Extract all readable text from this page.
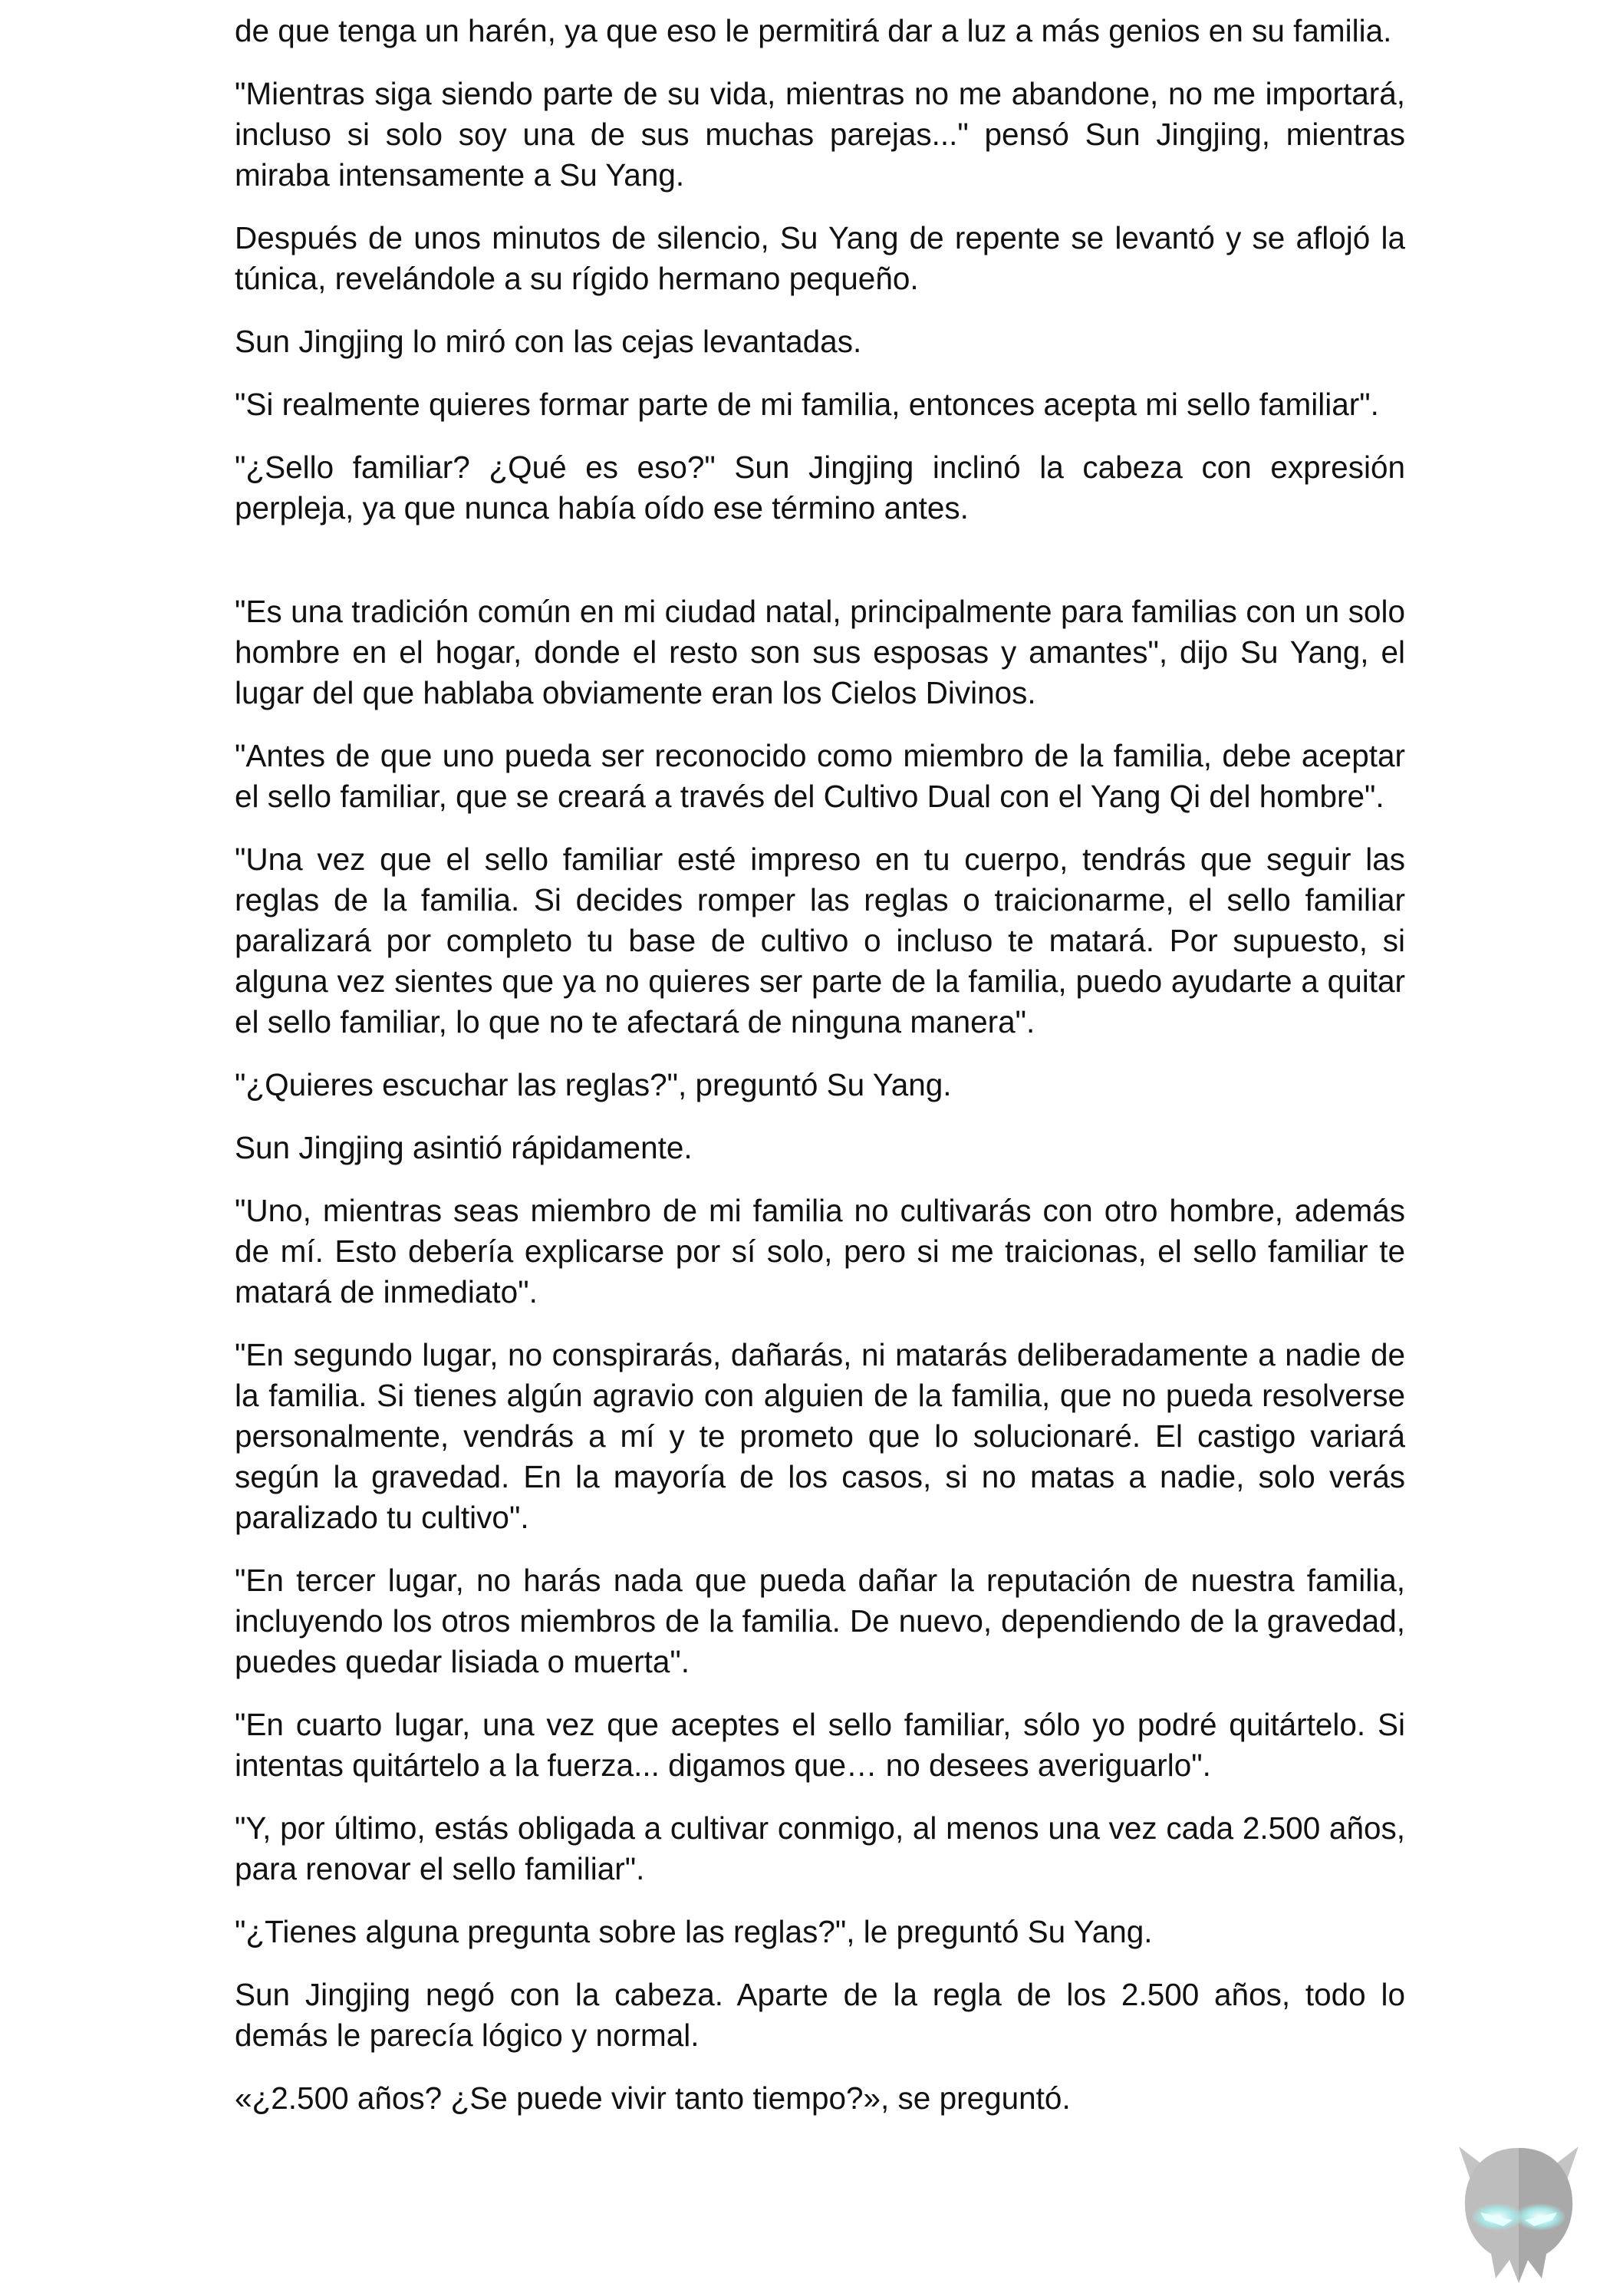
de que tenga un harén, ya que eso le permitirá dar a luz a más genios en su familia.

"Mientras siga siendo parte de su vida, mientras no me abandone, no me importará, incluso si solo soy una de sus muchas parejas..." pensó Sun Jingjing, mientras miraba intensamente a Su Yang.

Después de unos minutos de silencio, Su Yang de repente se levantó y se aflojó la túnica, revelándole a su rígido hermano pequeño.

Sun Jingjing lo miró con las cejas levantadas.

"Si realmente quieres formar parte de mi familia, entonces acepta mi sello familiar".

"¿Sello familiar? ¿Qué es eso?" Sun Jingjing inclinó la cabeza con expresión perpleja, ya que nunca había oído ese término antes.

"Es una tradición común en mi ciudad natal, principalmente para familias con un solo hombre en el hogar, donde el resto son sus esposas y amantes", dijo Su Yang, el lugar del que hablaba obviamente eran los Cielos Divinos.

"Antes de que uno pueda ser reconocido como miembro de la familia, debe aceptar el sello familiar, que se creará a través del Cultivo Dual con el Yang Qi del hombre".

"Una vez que el sello familiar esté impreso en tu cuerpo, tendrás que seguir las reglas de la familia. Si decides romper las reglas o traicionarme, el sello familiar paralizará por completo tu base de cultivo o incluso te matará. Por supuesto, si alguna vez sientes que ya no quieres ser parte de la familia, puedo ayudarte a quitar el sello familiar, lo que no te afectará de ninguna manera".

"¿Quieres escuchar las reglas?", preguntó Su Yang.

Sun Jingjing asintió rápidamente.

"Uno, mientras seas miembro de mi familia no cultivarás con otro hombre, además de mí. Esto debería explicarse por sí solo, pero si me traicionas, el sello familiar te matará de inmediato".

"En segundo lugar, no conspirarás, dañarás, ni matarás deliberadamente a nadie de la familia. Si tienes algún agravio con alguien de la familia, que no pueda resolverse personalmente, vendrás a mí y te prometo que lo solucionaré. El castigo variará según la gravedad. En la mayoría de los casos, si no matas a nadie, solo verás paralizado tu cultivo".

"En tercer lugar, no harás nada que pueda dañar la reputación de nuestra familia, incluyendo los otros miembros de la familia. De nuevo, dependiendo de la gravedad, puedes quedar lisiada o muerta".

"En cuarto lugar, una vez que aceptes el sello familiar, sólo yo podré quitártelo. Si intentas quitártelo a la fuerza... digamos que… no desees averiguarlo".

"Y, por último, estás obligada a cultivar conmigo, al menos una vez cada 2.500 años, para renovar el sello familiar".

"¿Tienes alguna pregunta sobre las reglas?", le preguntó Su Yang.

Sun Jingjing negó con la cabeza. Aparte de la regla de los 2.500 años, todo lo demás le parecía lógico y normal.

«¿2.500 años? ¿Se puede vivir tanto tiempo?», se preguntó.
